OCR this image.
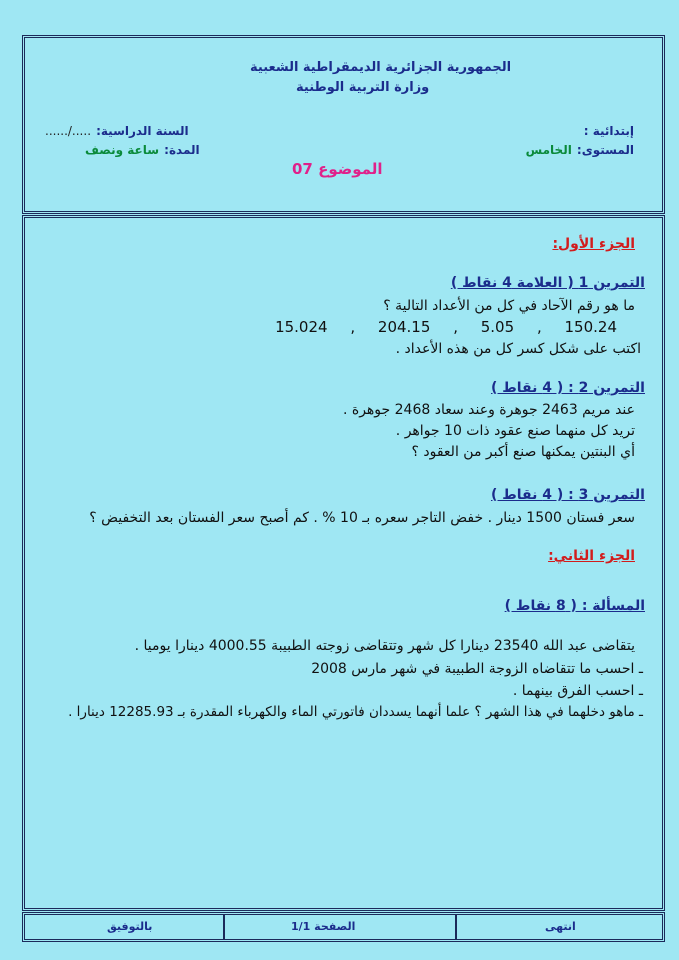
الجمهورية الجزائرية الديمقراطية الشعبية
وزارة التربية الوطنية
إبتدائية :
المستوى: الخامس
السنة الدراسية: ...../......
المدة: ساعة ونصف
الموضوع 07
الجزء الأول:
التمرين 1 ( العلامة 4 نقاط )
ما هو رقم الآحاد في كل من الأعداد التالية ؟
15.024 , 204.15 , 5.05 , 150.24
اكتب على شكل كسر كل من هذه الأعداد .
التمرين 2 : ( 4 نقاط )
عند مريم 2463 جوهرة وعند سعاد 2468 جوهرة .
تريد كل منهما صنع عقود ذات 10 جواهر .
أي البنتين يمكنها صنع أكبر من العقود ؟
التمرين 3 : ( 4 نقاط )
سعر فستان 1500 دينار . خفض التاجر سعره بـ 10 % . كم أصبح سعر الفستان بعد التخفيض ؟
الجزء الثاني:
المسألة : ( 8 نقاط )
يتقاضى عبد الله 23540 دينارا كل شهر وتتقاضى زوجته الطبيبة 4000.55 دينارا يوميا .
ـ احسب ما تتقاضاه الزوجة الطبيبة في شهر مارس 2008
ـ احسب الفرق بينهما .
ـ ماهو دخلهما في هذا الشهر ؟ علما أنهما يسددان فاتورتي الماء والكهرباء المقدرة بـ 12285.93 دينارا .
انتهى
الصفحة 1/1
بالتوفيق
